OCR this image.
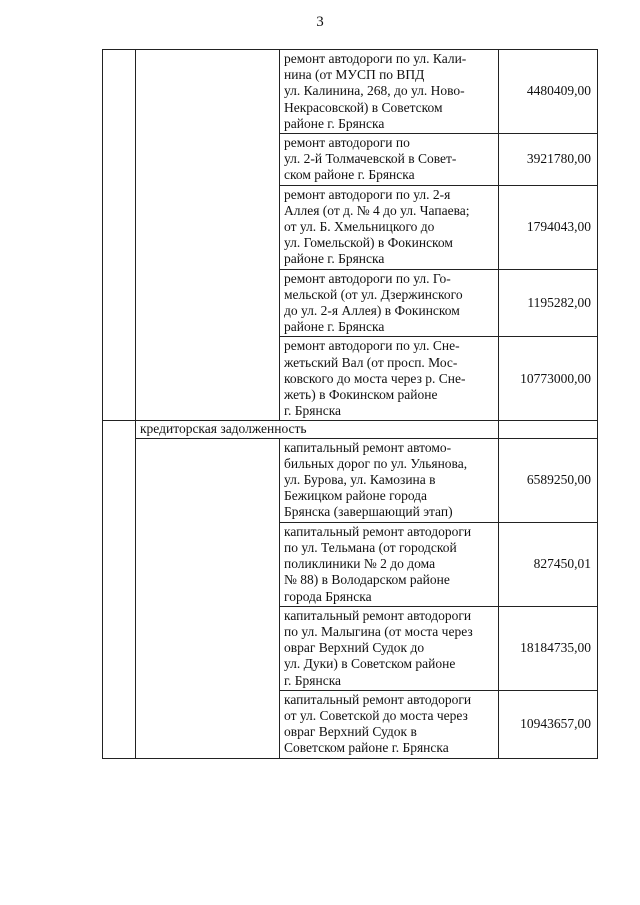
3

		ремонт автодороги по ул. Кали-
нина (от МУСП по ВПД
ул. Калинина, 268, до ул. Ново-
Некрасовской) в Советском
районе г. Брянска	4480409,00

		ремонт автодороги по
ул. 2-й Толмачевской в Совет-
ском районе г. Брянска	3921780,00

		ремонт автодороги по ул. 2-я
Аллея (от д. № 4 до ул. Чапаева;
от ул. Б. Хмельницкого до
ул. Гомельской) в Фокинском
районе г. Брянска	1794043,00

		ремонт автодороги по ул. Го-
мельской (от ул. Дзержинского
до ул. 2-я Аллея) в Фокинском
районе г. Брянска	1195282,00

		ремонт автодороги по ул. Сне-
жетьский Вал (от просп. Мос-
ковского до моста через р. Сне-
жеть) в Фокинском районе
г. Брянска	10773000,00
	кредиторская задолженность		

		капитальный ремонт автомо-
бильных дорог по ул. Ульянова,
ул. Бурова, ул. Камозина в
Бежицком районе города
Брянска (завершающий этап)	6589250,00

		капитальный ремонт автодороги
по ул. Тельмана (от городской
поликлиники № 2 до дома
№ 88) в Володарском районе
города Брянска	827450,01

		капитальный ремонт автодороги
по ул. Малыгина (от моста через
овраг Верхний Судок до
ул. Дуки) в Советском районе
г. Брянска	18184735,00

		капитальный ремонт автодороги
от ул. Советской до моста через
овраг Верхний Судок в
Советском районе г. Брянска	10943657,00
